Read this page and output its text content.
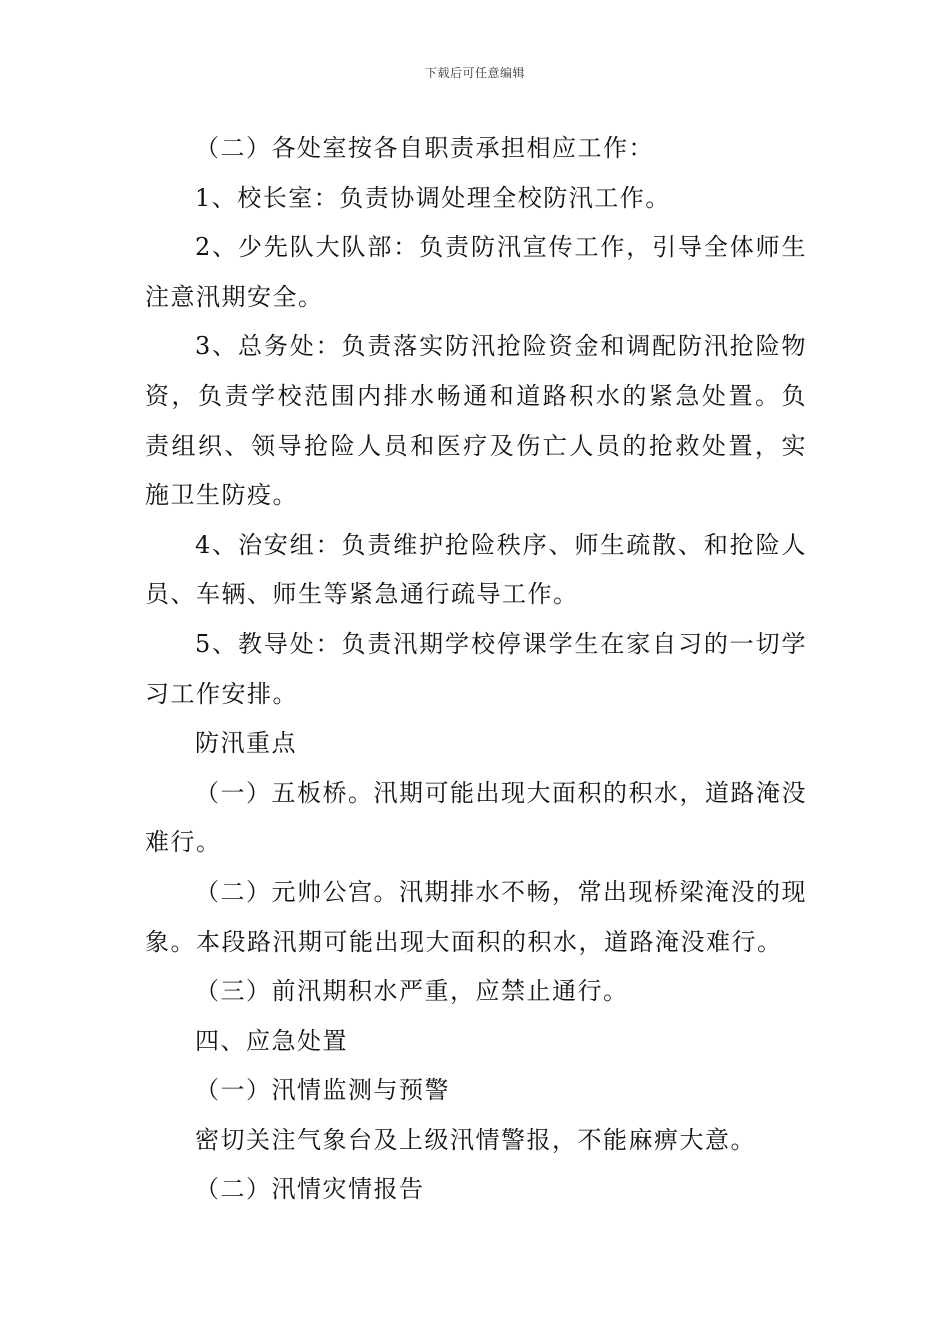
下载后可任意编辑

（二）各处室按各自职责承担相应工作：

1、校长室：负责协调处理全校防汛工作。

2、少先队大队部：负责防汛宣传工作，引导全体师生注意汛期安全。

3、总务处：负责落实防汛抢险资金和调配防汛抢险物资，负责学校范围内排水畅通和道路积水的紧急处置。负责组织、领导抢险人员和医疗及伤亡人员的抢救处置，实施卫生防疫。

4、治安组：负责维护抢险秩序、师生疏散、和抢险人员、车辆、师生等紧急通行疏导工作。

5、教导处：负责汛期学校停课学生在家自习的一切学习工作安排。

防汛重点

（一）五板桥。汛期可能出现大面积的积水，道路淹没难行。

（二）元帅公宫。汛期排水不畅，常出现桥梁淹没的现象。本段路汛期可能出现大面积的积水，道路淹没难行。

（三）前汛期积水严重，应禁止通行。

四、应急处置

（一）汛情监测与预警

密切关注气象台及上级汛情警报，不能麻痹大意。

（二）汛情灾情报告
